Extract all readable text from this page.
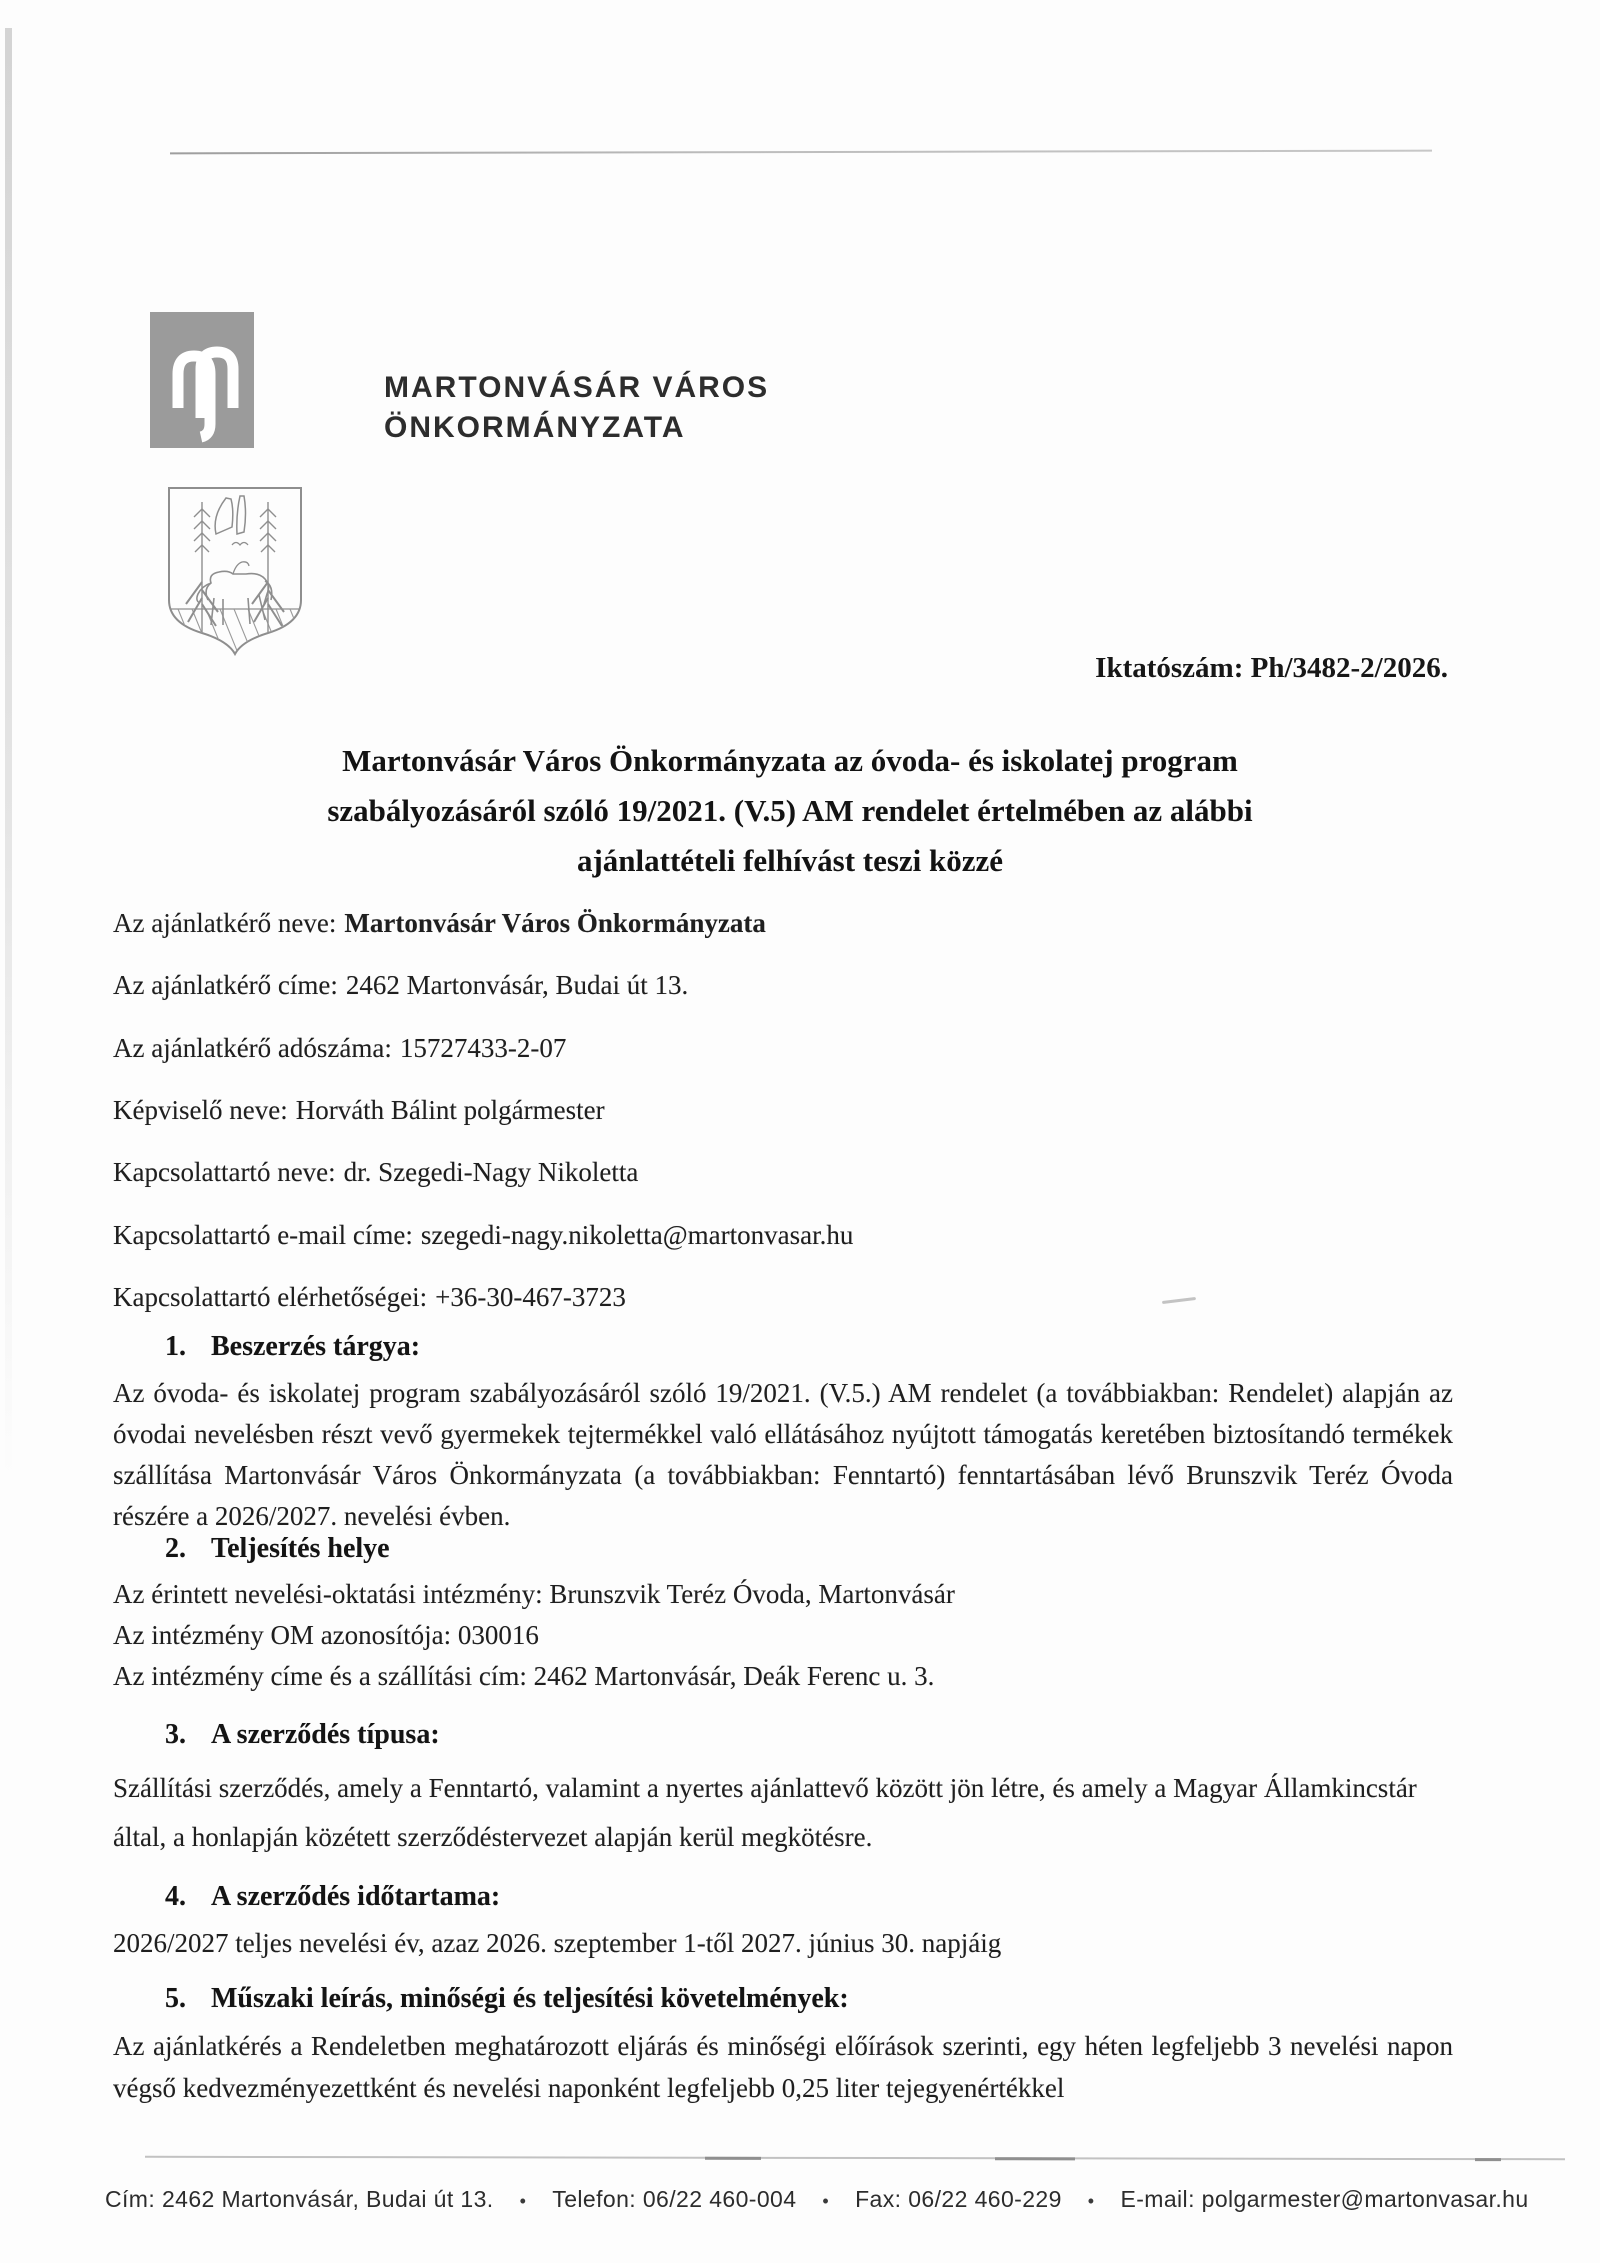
MARTONVÁSÁR VÁROS
ÖNKORMÁNYZATA
Iktatószám: Ph/3482-2/2026.
Martonvásár Város Önkormányzata az óvoda- és iskolatej program
szabályozásáról szóló 19/2021. (V.5) AM rendelet értelmében az alábbi
ajánlattételi felhívást teszi közzé
Az ajánlatkérő neve: Martonvásár Város Önkormányzata
Az ajánlatkérő címe: 2462 Martonvásár, Budai út 13.
Az ajánlatkérő adószáma: 15727433-2-07
Képviselő neve: Horváth Bálint polgármester
Kapcsolattartó neve: dr. Szegedi-Nagy Nikoletta
Kapcsolattartó e-mail címe: szegedi-nagy.nikoletta@martonvasar.hu
Kapcsolattartó elérhetőségei: +36-30-467-3723
1. Beszerzés tárgya:
Az óvoda- és iskolatej program szabályozásáról szóló 19/2021. (V.5.) AM rendelet (a továbbiakban: Rendelet) alapján az óvodai nevelésben részt vevő gyermekek tejtermékkel való ellátásához nyújtott támogatás keretében biztosítandó termékek szállítása Martonvásár Város Önkormányzata (a továbbiakban: Fenntartó) fenntartásában lévő Brunszvik Teréz Óvoda részére a 2026/2027. nevelési évben.
2. Teljesítés helye
Az érintett nevelési-oktatási intézmény: Brunszvik Teréz Óvoda, Martonvásár
Az intézmény OM azonosítója: 030016
Az intézmény címe és a szállítási cím: 2462 Martonvásár, Deák Ferenc u. 3.
3. A szerződés típusa:
Szállítási szerződés, amely a Fenntartó, valamint a nyertes ajánlattevő között jön létre, és amely a Magyar Államkincstár által, a honlapján közétett szerződéstervezet alapján kerül megkötésre.
4. A szerződés időtartama:
2026/2027 teljes nevelési év, azaz 2026. szeptember 1-től 2027. június 30. napjáig
5. Műszaki leírás, minőségi és teljesítési követelmények:
Az ajánlatkérés a Rendeletben meghatározott eljárás és minőségi előírások szerinti, egy héten legfeljebb 3 nevelési napon végső kedvezményezettként és nevelési naponként legfeljebb 0,25 liter tejegyenértékkel
Cím: 2462 Martonvásár, Budai út 13. • Telefon: 06/22 460-004 • Fax: 06/22 460-229 • E-mail: polgarmester@martonvasar.hu
